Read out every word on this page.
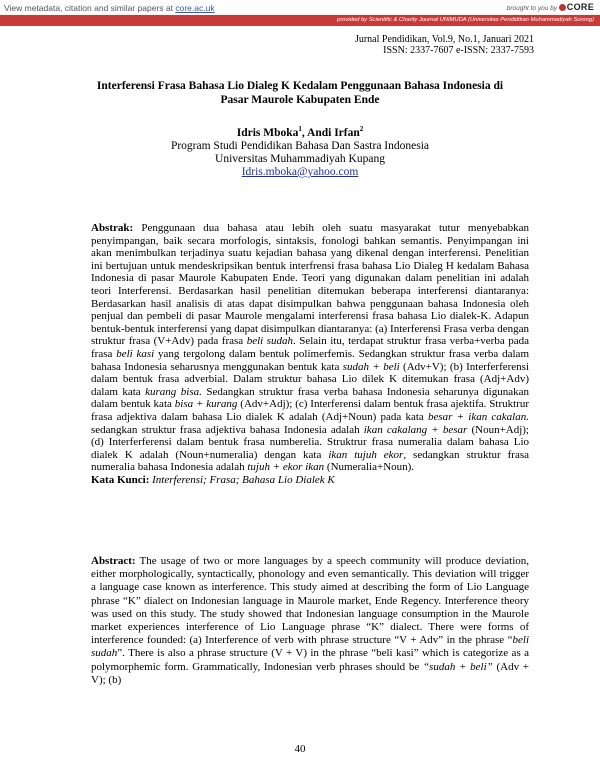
View metadata, citation and similar papers at core.ac.uk	brought to you by CORE
provided by Scientific & Charity Journal UNIMUDA (Universitas Pendidikan Muhammadiyah Sorong)
Jurnal Pendidikan, Vol.9, No.1, Januari 2021
ISSN: 2337-7607 e-ISSN: 2337-7593
Interferensi Frasa Bahasa Lio Dialeg K Kedalam Penggunaan Bahasa Indonesia di
Pasar Maurole Kabupaten Ende
Idris Mboka$^1$, Andi Irfan$^2$
Program Studi Pendidikan Bahasa Dan Sastra Indonesia
Universitas Muhammadiyah Kupang
Idris.mboka@yahoo.com

Abstrak: Penggunaan dua bahasa atau lebih oleh suatu masyarakat tutur menyebabkan penyimpangan, baik secara morfologis, sintaksis, fonologi bahkan semantis. Penyimpangan ini akan menimbulkan terjadinya suatu kejadian bahasa yang dikenal dengan interferensi. Penelitian ini bertujuan untuk mendeskripsikan bentuk interfrensi frasa bahasa Lio Dialeg H kedalam Bahasa Indonesia di pasar Maurole Kabupaten Ende. Teori yang digunakan dalam penelitian ini adalah teori Interferensi. Berdasarkan hasil penelitian ditemukan beberapa interferensi diantaranya: Berdasarkan hasil analisis di atas dapat disimpulkan bahwa penggunaan bahasa Indonesia oleh penjual dan pembeli di pasar Maurole mengalami interferensi frasa bahasa Lio dialek-K. Adapun bentuk-bentuk interferensi yang dapat disimpulkan diantaranya: (a) Interferensi Frasa verba dengan struktur frasa (V+Adv) pada frasa beli sudah. Selain itu, terdapat struktur frasa verba+verba pada frasa beli kasi yang tergolong dalam bentuk polimerfemis. Sedangkan struktur frasa verba dalam bahasa Indonesia seharusnya menggunakan bentuk kata sudah + beli (Adv+V); (b) Interferferensi dalam bentuk frasa adverbial. Dalam struktur bahasa Lio dilek K ditemukan frasa (Adj+Adv) dalam kata kurang bisa. Sedangkan struktur frasa verba bahasa Indonesia seharunya digunakan dalam bentuk kata bisa + kurang (Adv+Adj); (c) Interferensi dalam bentuk frasa ajektifa. Struktrur frasa adjektiva dalam bahasa Lio dialek K adalah (Adj+Noun) pada kata besar + ikan cakalan. sedangkan struktur frasa adjektiva bahasa Indonesia adalah ikan cakalang + besar (Noun+Adj); (d) Interferferensi dalam bentuk frasa numberelia. Struktrur frasa numeralia dalam bahasa Lio dialek K adalah (Noun+numeralia) dengan kata ikan tujuh ekor, sedangkan struktur frasa numeralia bahasa Indonesia adalah tujuh + ekor ikan (Numeralia+Noun).

Kata Kunci: Interferensi; Frasa; Bahasa Lio Dialek K

Abstract: The usage of two or more languages by a speech community will produce deviation, either morphologically, syntactically, phonology and even semantically. This deviation will trigger a language case known as interference. This study aimed at describing the form of Lio Language phrase “K” dialect on Indonesian language in Maurole market, Ende Regency. Interference theory was used on this study. The study showed that Indonesian language consumption in the Maurole market experiences interference of Lio Language phrase “K” dialect. There were forms of interference founded: (a) Interference of verb with phrase structure “V + Adv” in the phrase “beli sudah”. There is also a phrase structure (V + V) in the phrase “beli kasi” which is categorize as a polymorphemic form. Grammatically, Indonesian verb phrases should be “sudah + beli” (Adv + V); (b)

40
